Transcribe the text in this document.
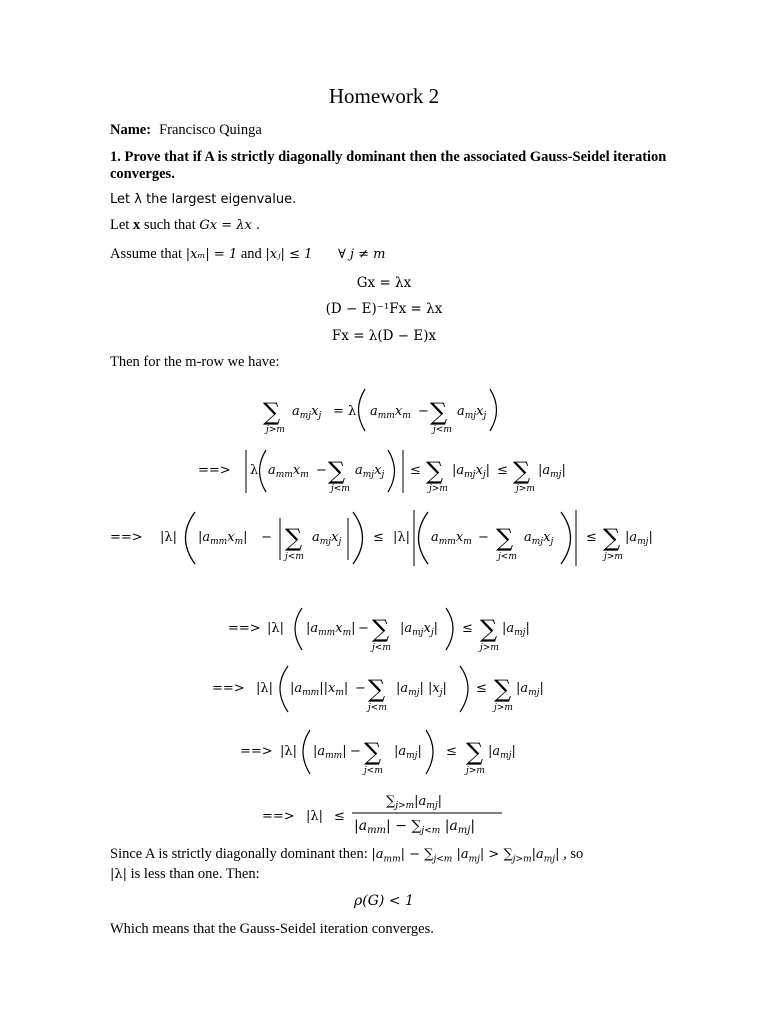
Homework 2
Name: Francisco Quinga
1. Prove that if A is strictly diagonally dominant then the associated Gauss-Seidel iteration converges.
Let λ the largest eigenvalue.
Let x such that Gx = λx .
Assume that |xₘ| = 1 and |xⱼ| ≤ 1 ∀ j ≠ m
Gx = λx
(D − E)⁻¹Fx = λx
Fx = λ(D − E)x
Then for the m-row we have:
∑
j>m
$a_{mj}x_j = \lambda$ $a_{mm}x_m$ − ∑
j<m
$a_{mj}x_j$
==> λ $a_{mm}x_m$ − ∑
j<m
$a_{mj}x_j$ ≤ ∑
j>m
$|a_{mj}x_j|$ ≤ ∑
j>m
$|a_{mj}|$
==> |λ| $|a_{mm}x_m|$ − ∑
j<m
$a_{mj}x_j \le |\lambda|$ $a_{mm}x_m$ − ∑
j<m
$a_{mj}x_j$	≤ ∑
j>m
$|a_{mj}|$
==> |λ| $|a_{mm}x_m|$ − ∑
j<m
$|a_{mj}x_j|$ ≤ ∑
j>m
$|a_{mj}|$
==> |λ| $|a_{mm}||x_m|$ − ∑
j<m
$|a_{mj}|$ $|x_j|$ ≤ ∑
j>m
$|a_{mj}|$
==> |λ| $|a_{mm}|$ − ∑
j<m
$|a_{mj}|$ ≤ ∑
j>m
$|a_{mj}|$
==> |λ| ≤
$\sum_{j>m}|a_{mj}|$
$|a_{mm}| - \sum_{j<m}$ $|a_{mj}|$
Since A is strictly diagonally dominant then: $|a_{mm}| - \sum_{j<m}$ $|a_{mj}| > \sum_{j>m}|a_{mj}|$ , so
|λ| is less than one. Then:
ρ(G) < 1
Which means that the Gauss-Seidel iteration converges.
